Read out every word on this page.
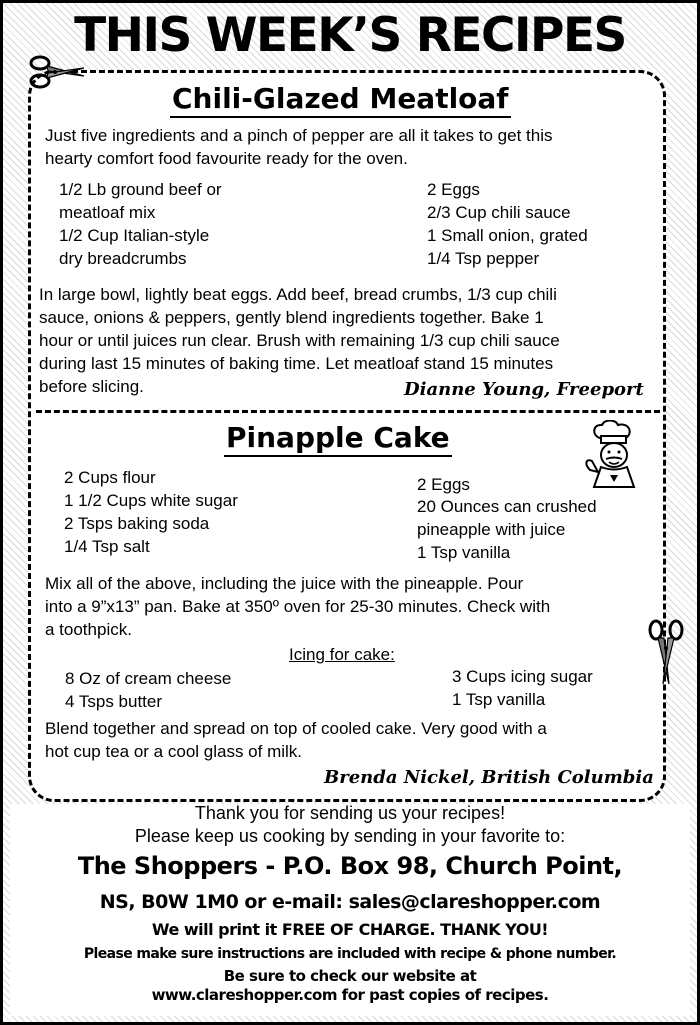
THIS WEEK’S RECIPES
Chili-Glazed Meatloaf

Just five ingredients and a pinch of pepper are all it takes to get this

hearty comfort food favourite ready for the oven.

1/2 Lb ground beef or

meatloaf mix

1/2 Cup Italian-style

dry breadcrumbs

2 Eggs

2/3 Cup chili sauce

1 Small onion, grated

1/4 Tsp pepper

In large bowl, lightly beat eggs. Add beef, bread crumbs, 1/3 cup chili

sauce, onions & peppers, gently blend ingredients together. Bake 1

hour or until juices run clear. Brush with remaining 1/3 cup chili sauce

during last 15 minutes of baking time. Let meatloaf stand 15 minutes

before slicing.	Dianne Young, Freeport
Pinapple Cake

2 Cups flour

1 1/2 Cups white sugar

2 Tsps baking soda

1/4 Tsp salt

2 Eggs

20 Ounces can crushed

pineapple with juice

1 Tsp vanilla

Mix all of the above, including the juice with the pineapple. Pour

into a 9”x13” pan. Bake at 350º oven for 25-30 minutes. Check with

a toothpick.

Icing for cake:

8 Oz of cream cheese

4 Tsps butter

3 Cups icing sugar

1 Tsp vanilla

Blend together and spread on top of cooled cake. Very good with a

hot cup tea or a cool glass of milk.

Brenda Nickel, British Columbia
Thank you for sending us your recipes!
Please keep us cooking by sending in your favorite to:
The Shoppers - P.O. Box 98, Church Point,
NS, B0W 1M0 or e-mail: sales@clareshopper.com
We will print it FREE OF CHARGE. THANK YOU!
Please make sure instructions are included with recipe & phone number.
Be sure to check our website at
www.clareshopper.com for past copies of recipes.
